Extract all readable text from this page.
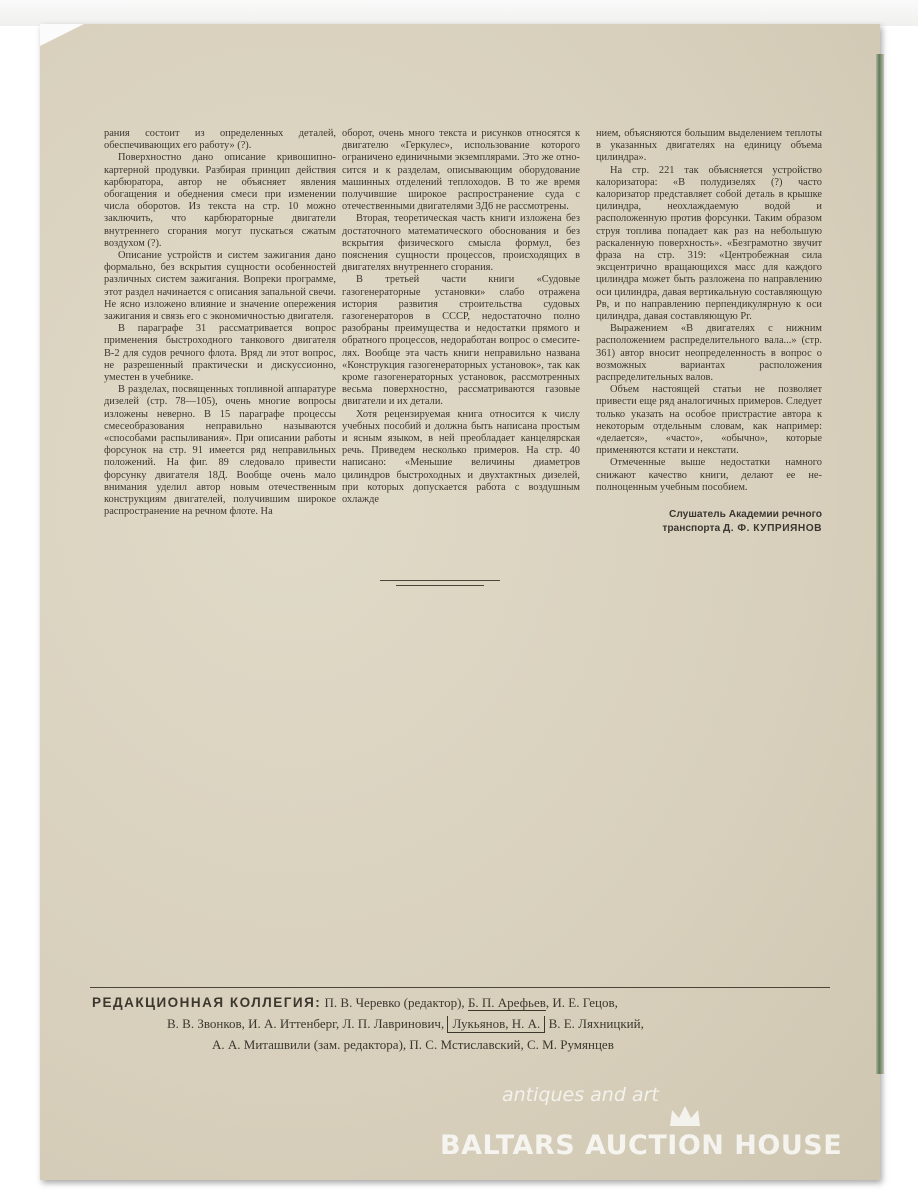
рания состоит из определенных деталей, обеспечивающих его работу» (?).

Поверхностно дано описание кривошипно-картерной продувки. Разбирая принцип действия карбюратора, автор не объясняет явления обогащения и обеднения смеси при изменении числа оборотов. Из текста на стр. 10 можно заключить, что карбюраторные двигатели внутреннего сгорания могут пускаться сжатым воздухом (?).

Описание устройств и систем зажигания дано формально, без вскрытия сущности особенностей различных систем зажигания. Вопреки программе, этот раздел начинается с описания запальной свечи. Не ясно изложено влияние и значение опережения зажигания и связь его с экономичностью двигателя.

В параграфе 31 рассматривается вопрос применения быстроходного танкового двигателя В-2 для судов речного флота. Вряд ли этот вопрос, не разрешенный практически и дискуссионно, уместен в учебнике.

В разделах, посвященных топливной аппаратуре дизелей (стр. 78—105), очень многие вопросы изложены неверно. В 15 параграфе процессы смесеобразования неправильно называются «способами распыливания». При описании работы форсунок на стр. 91 имеется ряд неправильных положений. На фиг. 89 следовало привести форсунку двигателя 18Д. Вообще очень мало внимания уделил автор новым отечественным конструкциям двигателей, получившим широкое распространение на речном флоте. На

оборот, очень много текста и рисунков относятся к двигателю «Геркулес», использование которого ограничено единичными экземплярами. Это же относится и к разделам, описывающим оборудование машинных отделений теплоходов. В то же время получившие широкое распространение суда с отечественными двигателями 3Д6 не рассмотрены.

Вторая, теоретическая часть книги изложена без достаточного математического обоснования и без вскрытия физического смысла формул, без пояснения сущности процессов, происходящих в двигателях внутреннего сгорания.

В третьей части книги «Судовые газогенераторные установки» слабо отражена история развития строительства судовых газогенераторов в СССР, недостаточно полно разобраны преимущества и недостатки прямого и обратного процессов, недоработан вопрос о смесителях. Вообще эта часть книги неправильно названа «Конструкция газогенераторных установок», так как кроме газогенераторных установок, рассмотренных весьма поверхностно, рассматриваются газовые двигатели и их детали.

Хотя рецензируемая книга относится к числу учебных пособий и должна быть написана простым и ясным языком, в ней преобладает канцелярская речь. Приведем несколько примеров. На стр. 40 написано: «Меньшие величины диаметров цилиндров быстроходных и двухтактных дизелей, при которых допускается работа с воздушным охлажде

нием, объясняются большим выделением теплоты в указанных двигателях на единицу объема цилиндра».

На стр. 221 так объясняется устройство калоризатора: «В полудизелях (?) часто калоризатор представляет собой деталь в крышке цилиндра, неохлаждаемую водой и расположенную против форсунки. Таким образом струя топлива попадает как раз на небольшую раскаленную поверхность». «Безграмотно звучит фраза на стр. 319: «Центробежная сила эксцентрично вращающихся масс для каждого цилиндра может быть разложена по направлению оси цилиндра, давая вертикальную составляющую Pв, и по направлению перпендикулярную к оси цилиндра, давая составляющую Pг.

Выражением «В двигателях с нижним расположением распределительного вала...» (стр. 361) автор вносит неопределенность в вопрос о возможных вариантах расположения распределительных валов.

Объем настоящей статьи не позволяет привести еще ряд аналогичных примеров. Следует только указать на особое пристрастие автора к некоторым отдельным словам, как например: «делается», «часто», «обычно», которые применяются кстати и некстати.

Отмеченные выше недостатки намного снижают качество книги, делают ее неполноценным учебным пособием.

Слушатель Академии речного
транспорта Д. Ф. КУПРИЯНОВ
РЕДАКЦИОННАЯ КОЛЛЕГИЯ: П. В. Черевко (редактор), Б. П. Арефьев, И. Е. Гецов,
В. В. Звонков, И. А. Иттенберг, Л. П. Лавринович, Лукьянов, Н. А. В. Е. Ляхницкий,
А. А. Миташвили (зам. редактора), П. С. Мстиславский, С. М. Румянцев
antiques and art
BALTARS AUCTION HOUSE
